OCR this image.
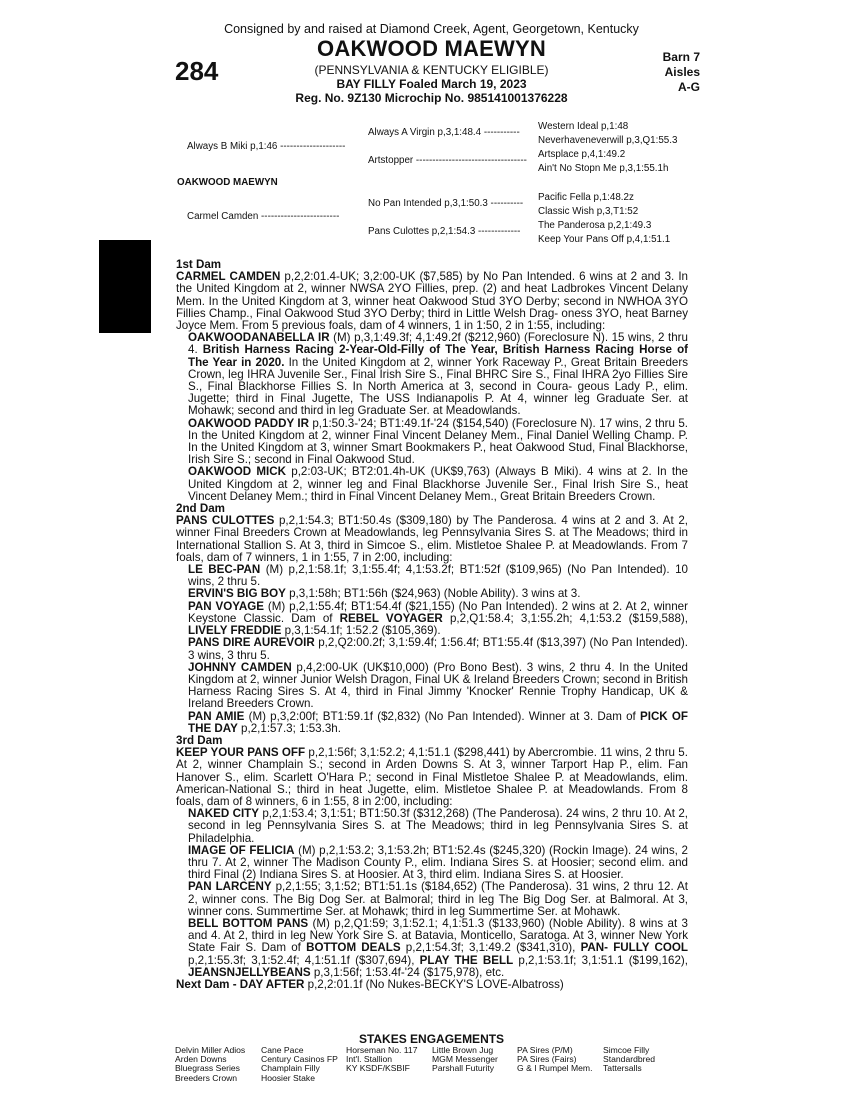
Consigned by and raised at Diamond Creek, Agent, Georgetown, Kentucky
284
OAKWOOD MAEWYN
(PENNSYLVANIA & KENTUCKY ELIGIBLE)
BAY FILLY Foaled March 19, 2023
Reg. No. 9Z130 Microchip No. 985141001376228
Barn 7
Aisles
A-G
Always B Miki p,1:46 --------------------
OAKWOOD MAEWYN
Carmel Camden ------------------------
Always A Virgin p,3,1:48.4 -----------
Artstopper ----------------------------------
No Pan Intended p,3,1:50.3 ----------
Pans Culottes p,2,1:54.3 -------------
Western Ideal p,1:48
Neverhaveneverwill p,3,Q1:55.3
Artsplace p,4,1:49.2
Ain't No Stopn Me p,3,1:55.1h
Pacific Fella p,1:48.2z
Classic Wish p,3,T1:52
The Panderosa p,2,1:49.3
Keep Your Pans Off p,4,1:51.1

1st Dam

CARMEL CAMDEN p,2,2:01.4-UK; 3,2:00-UK ($7,585) by No Pan Intended. 6 wins at 2 and 3. In the United Kingdom at 2, winner NWSA 2YO Fillies, prep. (2) and heat Ladbrokes Vincent Delany Mem. In the United Kingdom at 3, winner heat Oakwood Stud 3YO Derby; second in NWHOA 3YO Fillies Champ., Final Oakwood Stud 3YO Derby; third in Little Welsh Drag- oness 3YO, heat Barney Joyce Mem. From 5 previous foals, dam of 4 winners, 1 in 1:50, 2 in 1:55, including:

OAKWOODANABELLA IR (M) p,3,1:49.3f; 4,1:49.2f ($212,960) (Foreclosure N). 15 wins, 2 thru 4. British Harness Racing 2-Year-Old-Filly of The Year, British Harness Racing Horse of The Year in 2020. In the United Kingdom at 2, winner York Raceway P., Great Britain Breeders Crown, leg IHRA Juvenile Ser., Final Irish Sire S., Final BHRC Sire S., Final IHRA 2yo Fillies Sire S., Final Blackhorse Fillies S. In North America at 3, second in Coura- geous Lady P., elim. Jugette; third in Final Jugette, The USS Indianapolis P. At 4, winner leg Graduate Ser. at Mohawk; second and third in leg Graduate Ser. at Meadowlands.

OAKWOOD PADDY IR p,1:50.3-'24; BT1:49.1f-'24 ($154,540) (Foreclosure N). 17 wins, 2 thru 5. In the United Kingdom at 2, winner Final Vincent Delaney Mem., Final Daniel Welling Champ. P. In the United Kingdom at 3, winner Smart Bookmakers P., heat Oakwood Stud, Final Blackhorse, Irish Sire S.; second in Final Oakwood Stud.

OAKWOOD MICK p,2:03-UK; BT2:01.4h-UK (UK$9,763) (Always B Miki). 4 wins at 2. In the United Kingdom at 2, winner leg and Final Blackhorse Juvenile Ser., Final Irish Sire S., heat Vincent Delaney Mem.; third in Final Vincent Delaney Mem., Great Britain Breeders Crown.

2nd Dam

PANS CULOTTES p,2,1:54.3; BT1:50.4s ($309,180) by The Panderosa. 4 wins at 2 and 3. At 2, winner Final Breeders Crown at Meadowlands, leg Pennsylvania Sires S. at The Meadows; third in International Stallion S. At 3, third in Simcoe S., elim. Mistletoe Shalee P. at Meadowlands. From 7 foals, dam of 7 winners, 1 in 1:55, 7 in 2:00, including:

LE BEC-PAN (M) p,2,1:58.1f; 3,1:55.4f; 4,1:53.2f; BT1:52f ($109,965) (No Pan Intended). 10 wins, 2 thru 5.

ERVIN'S BIG BOY p,3,1:58h; BT1:56h ($24,963) (Noble Ability). 3 wins at 3.

PAN VOYAGE (M) p,2,1:55.4f; BT1:54.4f ($21,155) (No Pan Intended). 2 wins at 2. At 2, winner Keystone Classic. Dam of REBEL VOYAGER p,2,Q1:58.4; 3,1:55.2h; 4,1:53.2 ($159,588), LIVELY FREDDIE p,3,1:54.1f; 1:52.2 ($105,369).

PANS DIRE AUREVOIR p,2,Q2:00.2f; 3,1:59.4f; 1:56.4f; BT1:55.4f ($13,397) (No Pan Intended). 3 wins, 3 thru 5.

JOHNNY CAMDEN p,4,2:00-UK (UK$10,000) (Pro Bono Best). 3 wins, 2 thru 4. In the United Kingdom at 2, winner Junior Welsh Dragon, Final UK & Ireland Breeders Crown; second in British Harness Racing Sires S. At 4, third in Final Jimmy 'Knocker' Rennie Trophy Handicap, UK & Ireland Breeders Crown.

PAN AMIE (M) p,3,2:00f; BT1:59.1f ($2,832) (No Pan Intended). Winner at 3. Dam of PICK OF THE DAY p,2,1:57.3; 1:53.3h.

3rd Dam

KEEP YOUR PANS OFF p,2,1:56f; 3,1:52.2; 4,1:51.1 ($298,441) by Abercrombie. 11 wins, 2 thru 5. At 2, winner Champlain S.; second in Arden Downs S. At 3, winner Tarport Hap P., elim. Fan Hanover S., elim. Scarlett O'Hara P.; second in Final Mistletoe Shalee P. at Meadowlands, elim. American-National S.; third in heat Jugette, elim. Mistletoe Shalee P. at Meadowlands. From 8 foals, dam of 8 winners, 6 in 1:55, 8 in 2:00, including:

NAKED CITY p,2,1:53.4; 3,1:51; BT1:50.3f ($312,268) (The Panderosa). 24 wins, 2 thru 10. At 2, second in leg Pennsylvania Sires S. at The Meadows; third in leg Pennsylvania Sires S. at Philadelphia.

IMAGE OF FELICIA (M) p,2,1:53.2; 3,1:53.2h; BT1:52.4s ($245,320) (Rockin Image). 24 wins, 2 thru 7. At 2, winner The Madison County P., elim. Indiana Sires S. at Hoosier; second elim. and third Final (2) Indiana Sires S. at Hoosier. At 3, third elim. Indiana Sires S. at Hoosier.

PAN LARCENY p,2,1:55; 3,1:52; BT1:51.1s ($184,652) (The Panderosa). 31 wins, 2 thru 12. At 2, winner cons. The Big Dog Ser. at Balmoral; third in leg The Big Dog Ser. at Balmoral. At 3, winner cons. Summertime Ser. at Mohawk; third in leg Summertime Ser. at Mohawk.

BELL BOTTOM PANS (M) p,2,Q1:59; 3,1:52.1; 4,1:51.3 ($133,960) (Noble Ability). 8 wins at 3 and 4. At 2, third in leg New York Sire S. at Batavia, Monticello, Saratoga. At 3, winner New York State Fair S. Dam of BOTTOM DEALS p,2,1:54.3f; 3,1:49.2 ($341,310), PAN- FULLY COOL p,2,1:55.3f; 3,1:52.4f; 4,1:51.1f ($307,694), PLAY THE BELL p,2,1:53.1f; 3,1:51.1 ($199,162), JEANSNJELLYBEANS p,3,1:56f; 1:53.4f-'24 ($175,978), etc.

Next Dam - DAY AFTER p,2,2:01.1f (No Nukes-BECKY'S LOVE-Albatross)

STAKES ENGAGEMENTS
Delvin Miller Adios
Arden Downs
Bluegrass Series
Breeders Crown
Cane Pace
Century Casinos FP
Champlain Filly
Hoosier Stake
Horseman No. 117
Int'l. Stallion
KY KSDF/KSBIF
Little Brown Jug
MGM Messenger
Parshall Futurity
PA Sires (P/M)
PA Sires (Fairs)
G & I Rumpel Mem.
Simcoe Filly
Standardbred
Tattersalls
